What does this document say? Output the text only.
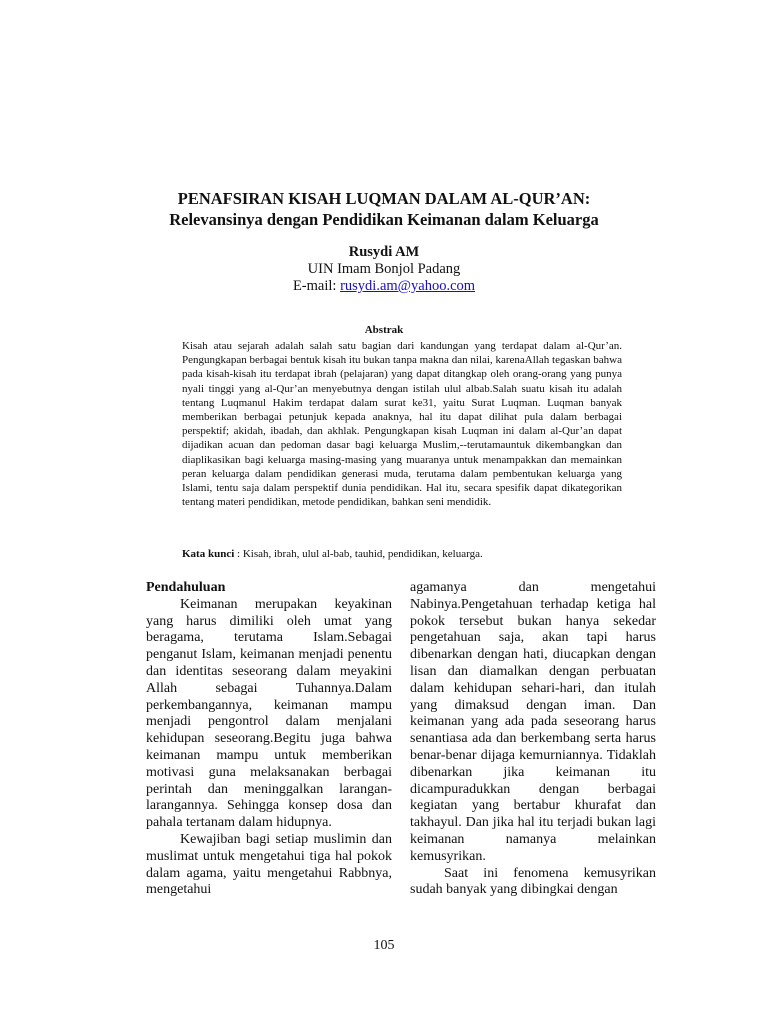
PENAFSIRAN KISAH LUQMAN DALAM AL-QUR’AN:
Relevansinya dengan Pendidikan Keimanan dalam Keluarga
Rusydi AM
UIN Imam Bonjol Padang
E-mail: rusydi.am@yahoo.com
Abstrak
Kisah atau sejarah adalah salah satu bagian dari kandungan yang terdapat dalam al-Qur’an. Pengungkapan berbagai bentuk kisah itu bukan tanpa makna dan nilai, karenaAllah tegaskan bahwa pada kisah-kisah itu terdapat ibrah (pelajaran) yang dapat ditangkap oleh orang-orang yang punya nyali tinggi yang al-Qur’an menyebutnya dengan istilah ulul albab.Salah suatu kisah itu adalah tentang Luqmanul Hakim terdapat dalam surat ke31, yaitu Surat Luqman. Luqman banyak memberikan berbagai petunjuk kepada anaknya, hal itu dapat dilihat pula dalam berbagai perspektif; akidah, ibadah, dan akhlak. Pengungkapan kisah Luqman ini dalam al-Qur’an dapat dijadikan acuan dan pedoman dasar bagi keluarga Muslim,--terutamauntuk dikembangkan dan diaplikasikan bagi keluarga masing-masing yang muaranya untuk menampakkan dan memainkan peran keluarga dalam pendidikan generasi muda, terutama dalam pembentukan keluarga yang Islami, tentu saja dalam perspektif dunia pendidikan. Hal itu, secara spesifik dapat dikategorikan tentang materi pendidikan, metode pendidikan, bahkan seni mendidik.
Kata kunci : Kisah, ibrah, ulul al-bab, tauhid, pendidikan, keluarga.
Pendahuluan

Keimanan merupakan keyakinan yang harus dimiliki oleh umat yang beragama, terutama Islam.Sebagai penganut Islam, keimanan menjadi penentu dan identitas seseorang dalam meyakini Allah sebagai Tuhannya.Dalam perkembangannya, keimanan mampu menjadi pengontrol dalam menjalani kehidupan seseorang.Begitu juga bahwa keimanan mampu untuk memberikan motivasi guna melaksanakan berbagai perintah dan meninggalkan larangan-larangannya. Sehingga konsep dosa dan pahala tertanam dalam hidupnya.

Kewajiban bagi setiap muslimin dan muslimat untuk mengetahui tiga hal pokok dalam agama, yaitu mengetahui Rabbnya, mengetahui

agamanya dan mengetahui Nabinya.Pengetahuan terhadap ketiga hal pokok tersebut bukan hanya sekedar pengetahuan saja, akan tapi harus dibenarkan dengan hati, diucapkan dengan lisan dan diamalkan dengan perbuatan dalam kehidupan sehari-hari, dan itulah yang dimaksud dengan iman. Dan keimanan yang ada pada seseorang harus senantiasa ada dan berkembang serta harus benar-benar dijaga kemurniannya. Tidaklah dibenarkan jika keimanan itu dicampuradukkan dengan berbagai kegiatan yang bertabur khurafat dan takhayul. Dan jika hal itu terjadi bukan lagi keimanan namanya melainkan kemusyrikan.

Saat ini fenomena kemusyrikan sudah banyak yang dibingkai dengan

105
